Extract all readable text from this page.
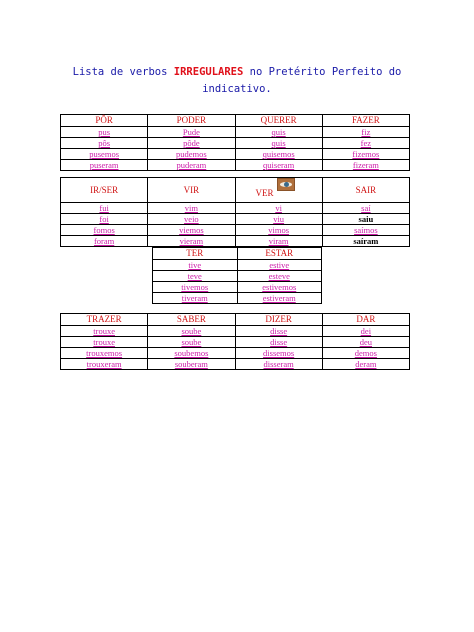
Lista de verbos IRREGULARES no Pretérito Perfeito do
indicativo.
PÔR	PODER	QUERER	FAZER
pus	Pude	quis	fiz
pôs	pôde	quis	fez
pusemos	pudemos	quisemos	fizemos
puseram	puderam	quiseram	fizeram
IR/SER	VIR	VER	SAIR
fui	vim	vi	saí
foi	veio	viu	saiu
fomos	viemos	vimos	saímos
foram	vieram	viram	saíram
TER	ESTAR
tive	estive
teve	esteve
tivemos	estivemos
tiveram	estiveram
TRAZER	SABER	DIZER	DAR
trouxe	soube	disse	dei
trouxe	soube	disse	deu
trouxemos	soubemos	dissemos	demos
trouxeram	souberam	disseram	deram
